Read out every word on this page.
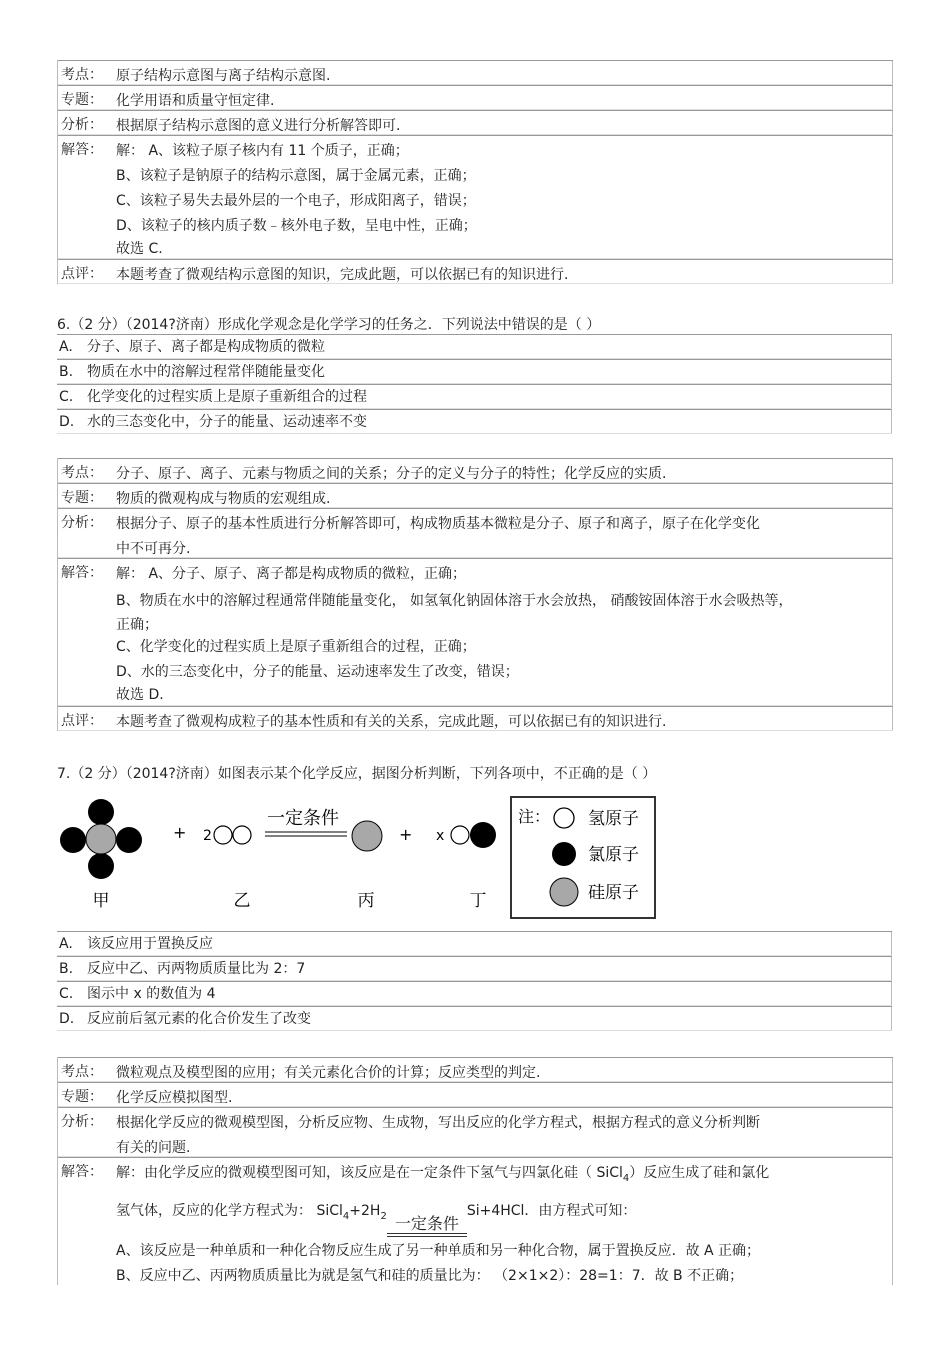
考点： 原子结构示意图与离子结构示意图.
专题： 化学用语和质量守恒定律.
分析： 根据原子结构示意图的意义进行分析解答即可.
解答： 解： A、该粒子原子核内有 11 个质子，正确；
B、该粒子是钠原子的结构示意图，属于金属元素，正确；
C、该粒子易失去最外层的一个电子，形成阳离子，错误；
D、该粒子的核内质子数﹣核外电子数，呈电中性，正确；
故选 C.
点评： 本题考查了微观结构示意图的知识，完成此题，可以依据已有的知识进行.
6.（2 分）（2014?济南）形成化学观念是化学学习的任务之．下列说法中错误的是（ ）
A. 分子、原子、离子都是构成物质的微粒
B. 物质在水中的溶解过程常伴随能量变化
C. 化学变化的过程实质上是原子重新组合的过程
D. 水的三态变化中，分子的能量、运动速率不变
考点： 分子、原子、离子、元素与物质之间的关系；分子的定义与分子的特性；化学反应的实质.
专题： 物质的微观构成与物质的宏观组成.
分析： 根据分子、原子的基本性质进行分析解答即可，构成物质基本微粒是分子、原子和离子，原子在化学变化
中不可再分.
解答： 解： A、分子、原子、离子都是构成物质的微粒，正确；
B、物质在水中的溶解过程通常伴随能量变化， 如氢氧化钠固体溶于水会放热， 硝酸铵固体溶于水会吸热等，
正确；
C、化学变化的过程实质上是原子重新组合的过程，正确；
D、水的三态变化中，分子的能量、运动速率发生了改变，错误；
故选 D.
点评： 本题考查了微观构成粒子的基本性质和有关的关系，完成此题，可以依据已有的知识进行.
7.（2 分）（2014?济南）如图表示某个化学反应，据图分析判断，下列各项中，不正确的是（ ）
+ 2
一定条件
+ x
甲	乙	丙	丁
注： 氢原子
氯原子
硅原子
A. 该反应用于置换反应
B. 反应中乙、丙两物质质量比为 2：7
C. 图示中 x 的数值为 4
D. 反应前后氢元素的化合价发生了改变
考点： 微粒观点及模型图的应用；有关元素化合价的计算；反应类型的判定.
专题： 化学反应模拟图型.
分析： 根据化学反应的微观模型图，分析反应物、生成物，写出反应的化学方程式，根据方程式的意义分析判断
有关的问题.
解答： 解：由化学反应的微观模型图可知，该反应是在一定条件下氢气与四氯化硅（ SiCl$_4$）反应生成了硅和氯化
氢气体，反应的化学方程式为： $SiCl_4+2H_2$ 一定条件
Si+4HCl．由方程式可知：
A、该反应是一种单质和一种化合物反应生成了另一种单质和另一种化合物，属于置换反应．故 A 正确；
B、反应中乙、丙两物质质量比为就是氢气和硅的质量比为： （2×1×2）：28=1：7．故 B 不正确；
